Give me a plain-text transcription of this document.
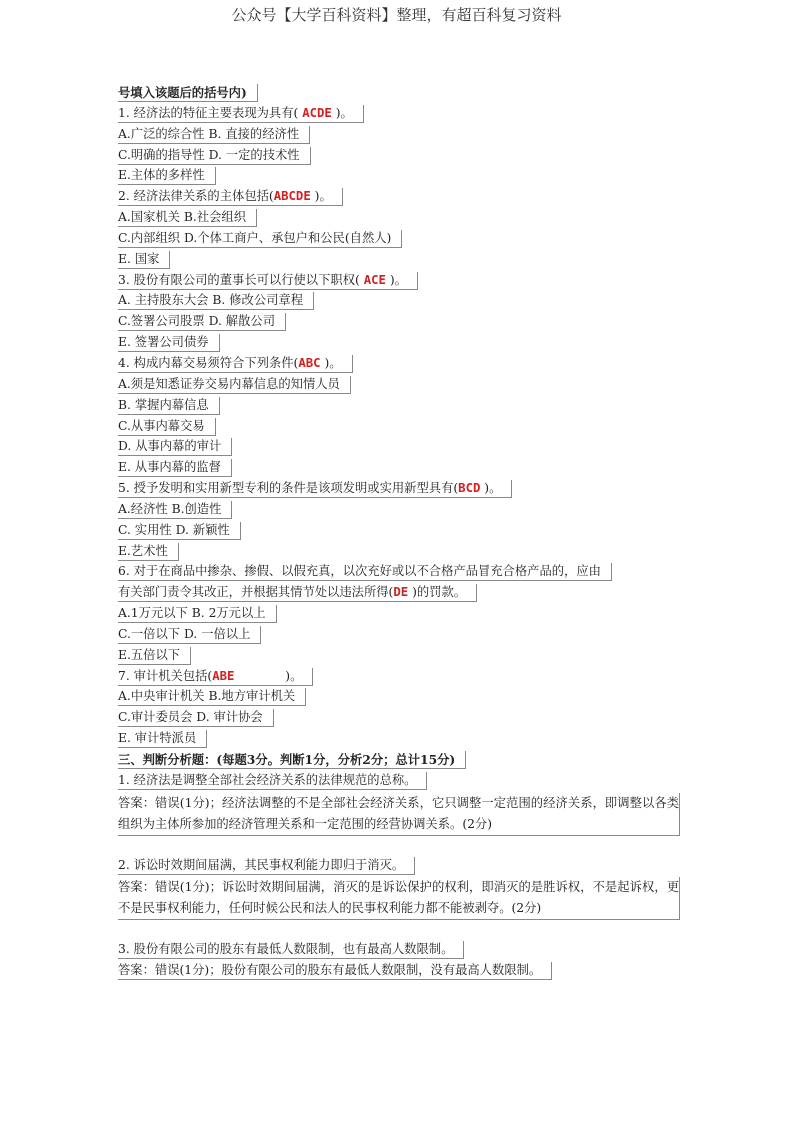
公众号【大学百科资料】整理，有超百科复习资料
号填入该题后的括号内)
1. 经济法的特征主要表现为具有( ACDE )。
A.广泛的综合性 B. 直接的经济性
C.明确的指导性 D. 一定的技术性
E.主体的多样性
2. 经济法律关系的主体包括(ABCDE )。
A.国家机关 B.社会组织
C.内部组织 D.个体工商户、承包户和公民(自然人)
E. 国家
3. 股份有限公司的董事长可以行使以下职权( ACE )。
A. 主持股东大会 B. 修改公司章程
C.签署公司股票 D. 解散公司
E. 签署公司债券
4. 构成内幕交易须符合下列条件(ABC )。
A.须是知悉证券交易内幕信息的知情人员
B. 掌握内幕信息
C.从事内幕交易
D. 从事内幕的审计
E. 从事内幕的监督
5. 授予发明和实用新型专利的条件是该项发明或实用新型具有(BCD )。
A.经济性 B.创造性
C. 实用性 D. 新颖性
E.艺术性
6. 对于在商品中掺杂、掺假、以假充真，以次充好或以不合格产品冒充合格产品的，应由
有关部门责令其改正，并根据其情节处以违法所得(DE )的罚款。
A.1万元以下 B. 2万元以上
C.一倍以下 D. 一倍以上
E.五倍以下
7. 审计机关包括(ABE             )。
A.中央审计机关 B.地方审计机关
C.审计委员会 D. 审计协会
E. 审计特派员
三、判断分析题：(每题3分。判断1分，分析2分；总计15分)
1. 经济法是调整全部社会经济关系的法律规范的总称。
答案：错误(1分)；经济法调整的不是全部社会经济关系，它只调整一定范围的经济关系，即调整以各类组织为主体所参加的经济管理关系和一定范围的经营协调关系。(2分)
2. 诉讼时效期间届满，其民事权利能力即归于消灭。
答案：错误(1分)；诉讼时效期间届满，消灭的是诉讼保护的权利，即消灭的是胜诉权，不是起诉权，更不是民事权利能力，任何时候公民和法人的民事权利能力都不能被剥夺。(2分)
3. 股份有限公司的股东有最低人数限制，也有最高人数限制。
答案：错误(1分)；股份有限公司的股东有最低人数限制，没有最高人数限制。
